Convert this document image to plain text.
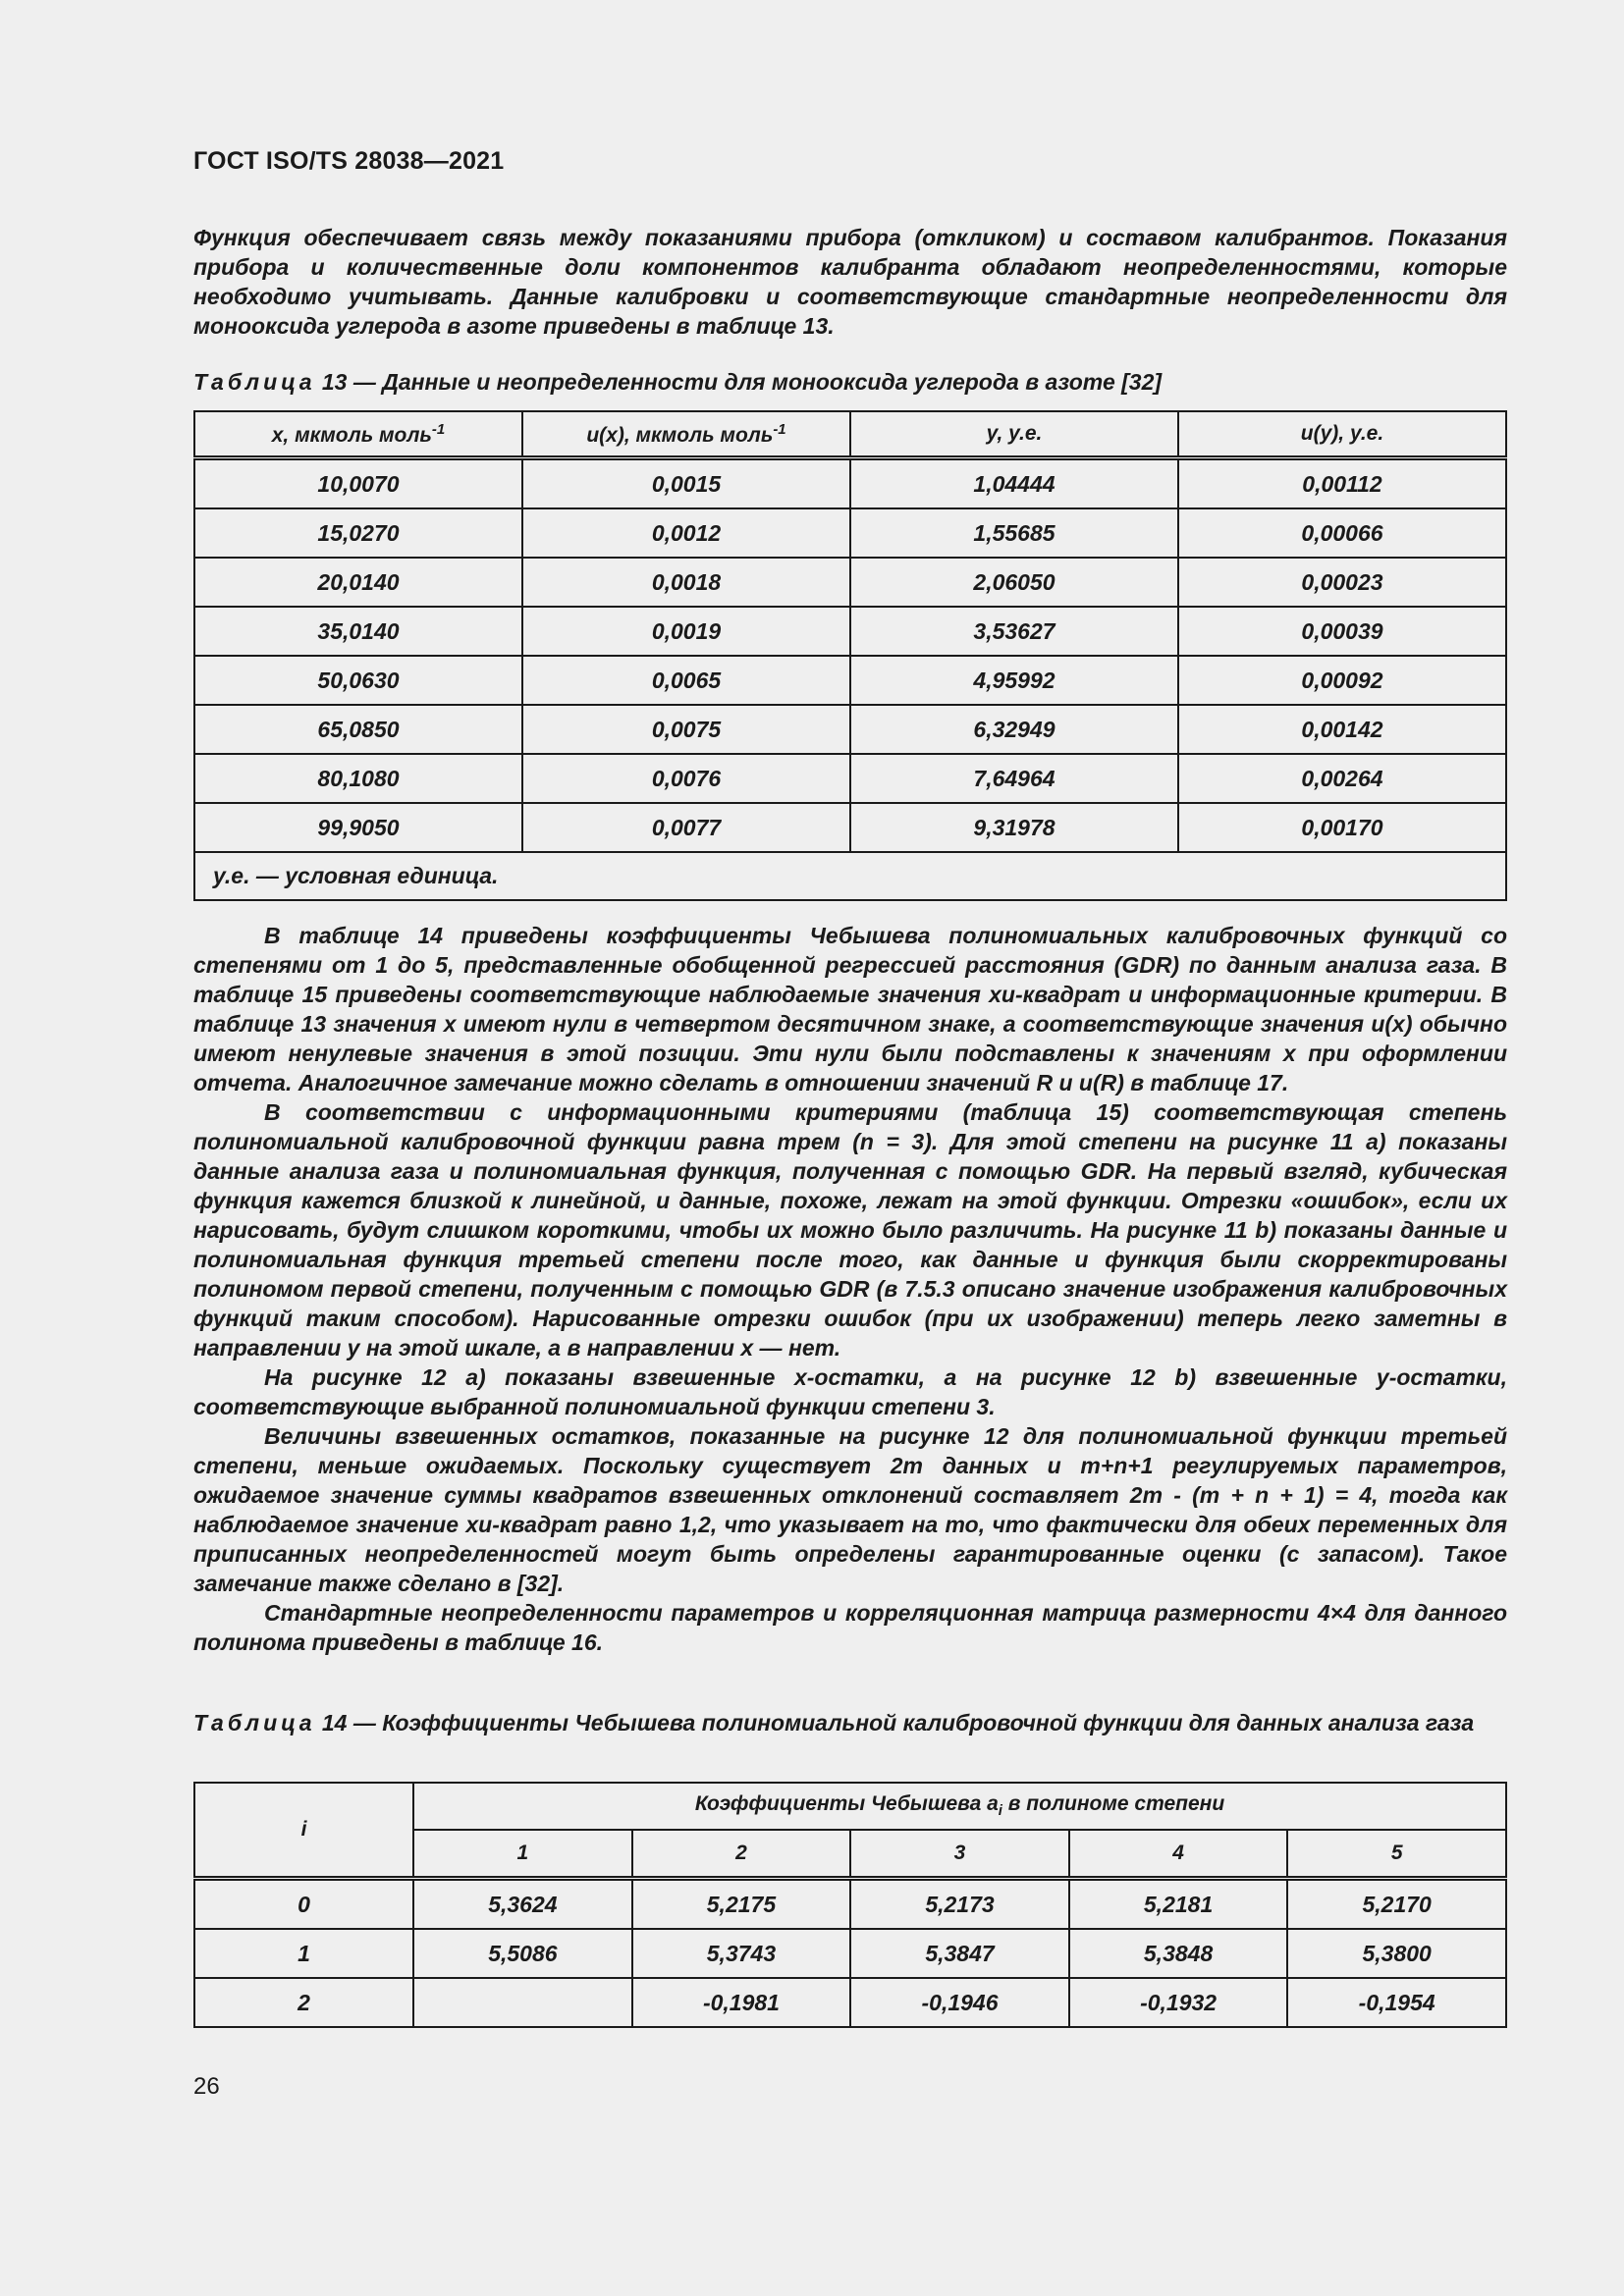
ГОСТ ISO/TS 28038—2021

Функция обеспечивает связь между показаниями прибора (откликом) и составом калибрантов. Показания прибора и количественные доли компонентов калибранта обладают неопределенностями, которые необходимо учитывать. Данные калибровки и соответствующие стандартные неопределенности для монооксида углерода в азоте приведены в таблице 13.

Таблица 13 — Данные и неопределенности для монооксида углерода в азоте [32]

x, мкмоль моль$^{-1}$	u(x), мкмоль моль$^{-1}$	y, у.е.	u(y), у.е.
10,0070	0,0015	1,04444	0,00112
15,0270	0,0012	1,55685	0,00066
20,0140	0,0018	2,06050	0,00023
35,0140	0,0019	3,53627	0,00039
50,0630	0,0065	4,95992	0,00092
65,0850	0,0075	6,32949	0,00142
80,1080	0,0076	7,64964	0,00264
99,9050	0,0077	9,31978	0,00170
у.е. — условная единица.			

В таблице 14 приведены коэффициенты Чебышева полиномиальных калибровочных функций со степенями от 1 до 5, представленные обобщенной регрессией расстояния (GDR) по данным анализа газа. В таблице 15 приведены соответствующие наблюдаемые значения хи-квадрат и информационные критерии. В таблице 13 значения x имеют нули в четвертом десятичном знаке, а соответствующие значения u(x) обычно имеют ненулевые значения в этой позиции. Эти нули были подставлены к значениям x при оформлении отчета. Аналогичное замечание можно сделать в отношении значений R и u(R) в таблице 17.

В соответствии с информационными критериями (таблица 15) соответствующая степень полиномиальной калибровочной функции равна трем (n = 3). Для этой степени на рисунке 11 а) показаны данные анализа газа и полиномиальная функция, полученная с помощью GDR. На первый взгляд, кубическая функция кажется близкой к линейной, и данные, похоже, лежат на этой функции. Отрезки «ошибок», если их нарисовать, будут слишком короткими, чтобы их можно было различить. На рисунке 11 b) показаны данные и полиномиальная функция третьей степени после того, как данные и функция были скорректированы полиномом первой степени, полученным с помощью GDR (в 7.5.3 описано значение изображения калибровочных функций таким способом). Нарисованные отрезки ошибок (при их изображении) теперь легко заметны в направлении y на этой шкале, а в направлении x — нет.

На рисунке 12 а) показаны взвешенные x-остатки, а на рисунке 12 b) взвешенные y-остатки, соответствующие выбранной полиномиальной функции степени 3.

Величины взвешенных остатков, показанные на рисунке 12 для полиномиальной функции третьей степени, меньше ожидаемых. Поскольку существует 2m данных и m+n+1 регулируемых параметров, ожидаемое значение суммы квадратов взвешенных отклонений составляет 2m - (m + n + 1) = 4, тогда как наблюдаемое значение хи-квадрат равно 1,2, что указывает на то, что фактически для обеих переменных для приписанных неопределенностей могут быть определены гарантированные оценки (с запасом). Такое замечание также сделано в [32].

Стандартные неопределенности параметров и корреляционная матрица размерности 4×4 для данного полинома приведены в таблице 16.

Таблица 14 — Коэффициенты Чебышева полиномиальной калибровочной функции для данных анализа газа

i	Коэффициенты Чебышева $a_i$ в полиноме степени				
	1	2	3	4	5
0	5,3624	5,2175	5,2173	5,2181	5,2170
1	5,5086	5,3743	5,3847	5,3848	5,3800
2		-0,1981	-0,1946	-0,1932	-0,1954
26
